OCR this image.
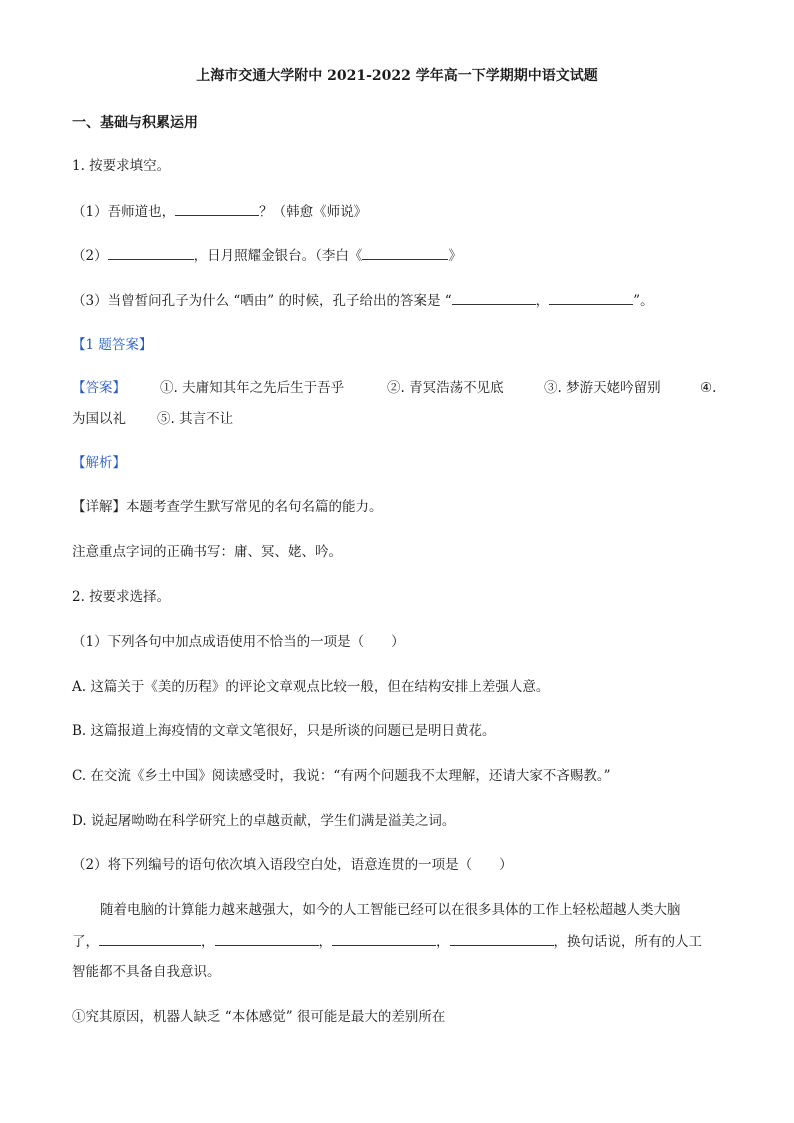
上海市交通大学附中 2021-2022 学年高一下学期期中语文试题
一、基础与积累运用
1. 按要求填空。
（1）吾师道也，	？（韩愈《师说》
（2）	，日月照耀金银台。（李白《	》
（3）当曾皙问孔子为什么 “哂由” 的时候，孔子给出的答案是 “	，	”。
【1 题答案】
【答案】	①. 夫庸知其年之先后生于吾乎	②. 青冥浩荡不见底	③. 梦游天姥吟留别	④.
为国以礼 ⑤. 其言不让
【解析】
【详解】本题考查学生默写常见的名句名篇的能力。
注意重点字词的正确书写：庸、冥、姥、吟。
2. 按要求选择。
（1）下列各句中加点成语使用不恰当的一项是（　　）
A. 这篇关于《美的历程》的评论文章观点比较一般，但在结构安排上差强人意。
B. 这篇报道上海疫情的文章文笔很好，只是所谈的问题已是明日黄花。
C. 在交流《乡土中国》阅读感受时，我说：“有两个问题我不太理解，还请大家不吝赐教。”
D. 说起屠呦呦在科学研究上的卓越贡献，学生们满是溢美之词。
（2）将下列编号的语句依次填入语段空白处，语意连贯的一项是（　　）
随着电脑的计算能力越来越强大，如今的人工智能已经可以在很多具体的工作上轻松超越人类大脑
了，	，	，	，	，换句话说，所有的人工
智能都不具备自我意识。
①究其原因，机器人缺乏 “本体感觉” 很可能是最大的差别所在
